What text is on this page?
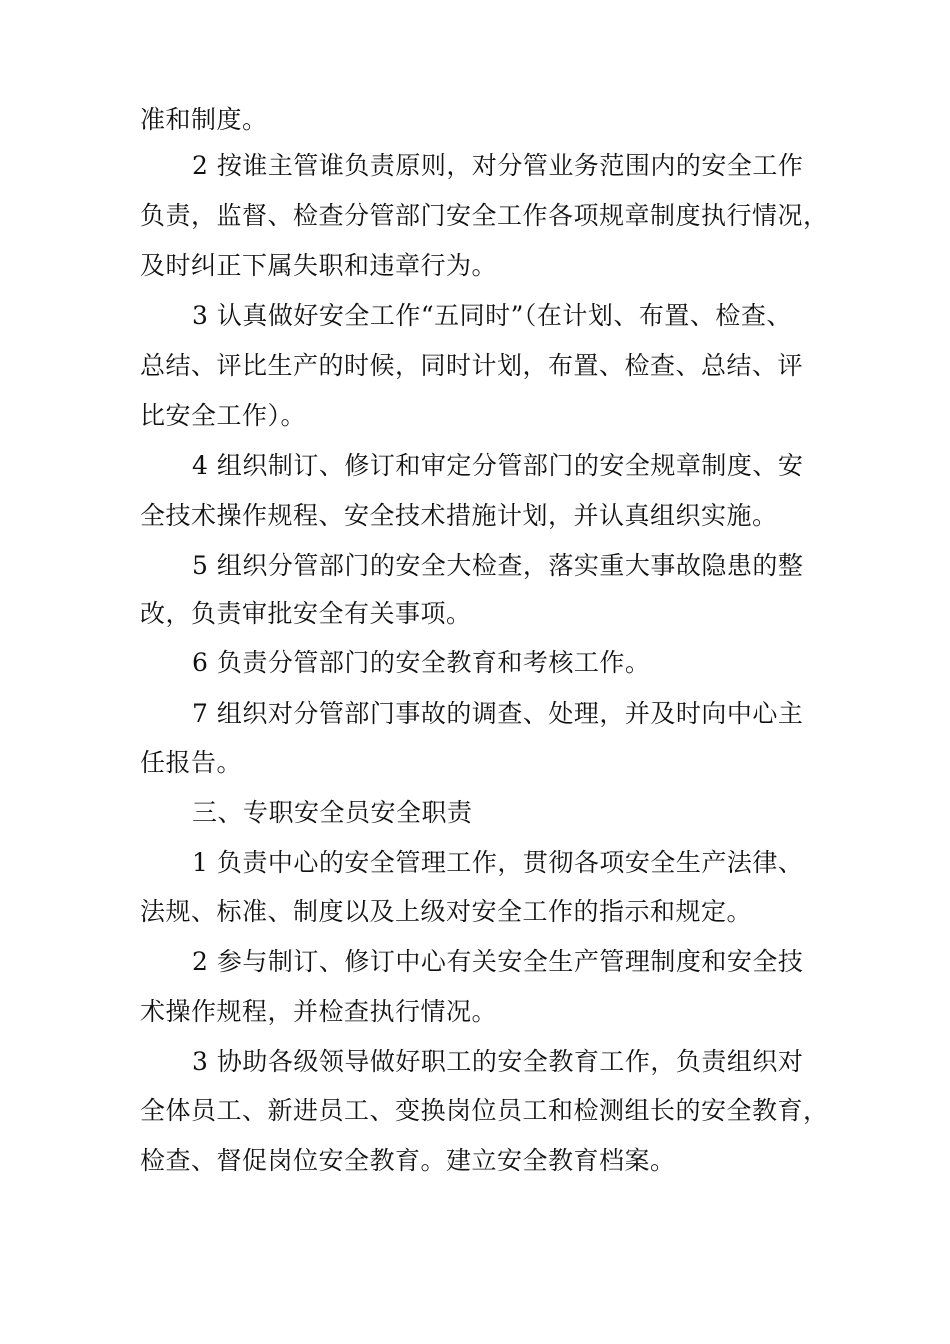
准和制度。
2 按谁主管谁负责原则，对分管业务范围内的安全工作
负责，监督、检查分管部门安全工作各项规章制度执行情况，
及时纠正下属失职和违章行为。
3 认真做好安全工作“五同时”（在计划、布置、检查、
总结、评比生产的时候，同时计划，布置、检查、总结、评
比安全工作）。
4 组织制订、修订和审定分管部门的安全规章制度、安
全技术操作规程、安全技术措施计划，并认真组织实施。
5 组织分管部门的安全大检查，落实重大事故隐患的整
改，负责审批安全有关事项。
6 负责分管部门的安全教育和考核工作。
7 组织对分管部门事故的调查、处理，并及时向中心主
任报告。
三、专职安全员安全职责
1 负责中心的安全管理工作，贯彻各项安全生产法律、
法规、标准、制度以及上级对安全工作的指示和规定。
2 参与制订、修订中心有关安全生产管理制度和安全技
术操作规程，并检查执行情况。
3 协助各级领导做好职工的安全教育工作，负责组织对
全体员工、新进员工、变换岗位员工和检测组长的安全教育，
检查、督促岗位安全教育。建立安全教育档案。
